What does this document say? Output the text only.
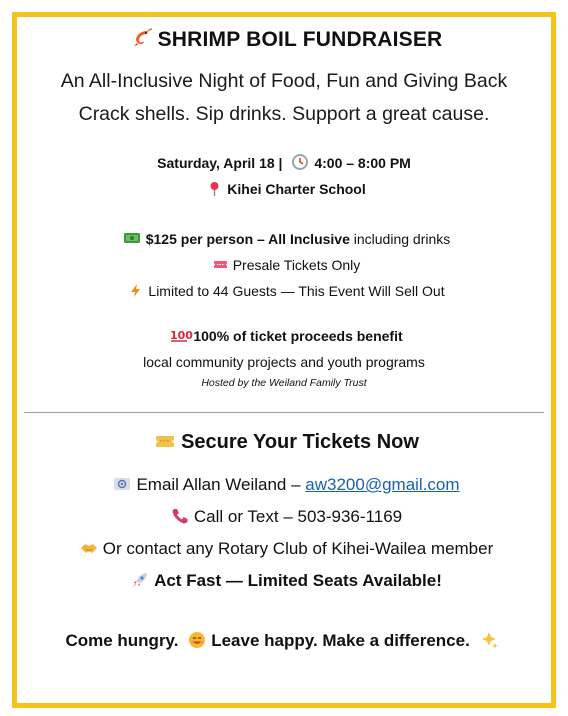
SHRIMP BOIL FUNDRAISER
An All-Inclusive Night of Food, Fun and Giving Back
Crack shells. Sip drinks. Support a great cause.
Saturday, April 18 | 4:00 – 8:00 PM
Kihei Charter School
$125 per person – All Inclusive including drinks
Presale Tickets Only
Limited to 44 Guests — This Event Will Sell Out
100 100% of ticket proceeds benefit
local community projects and youth programs
Hosted by the Weiland Family Trust
Secure Your Tickets Now
Email Allan Weiland – aw3200@gmail.com
Call or Text – 503-936-1169
Or contact any Rotary Club of Kihei-Wailea member
Act Fast — Limited Seats Available!
Come hungry. Leave happy. Make a difference.
